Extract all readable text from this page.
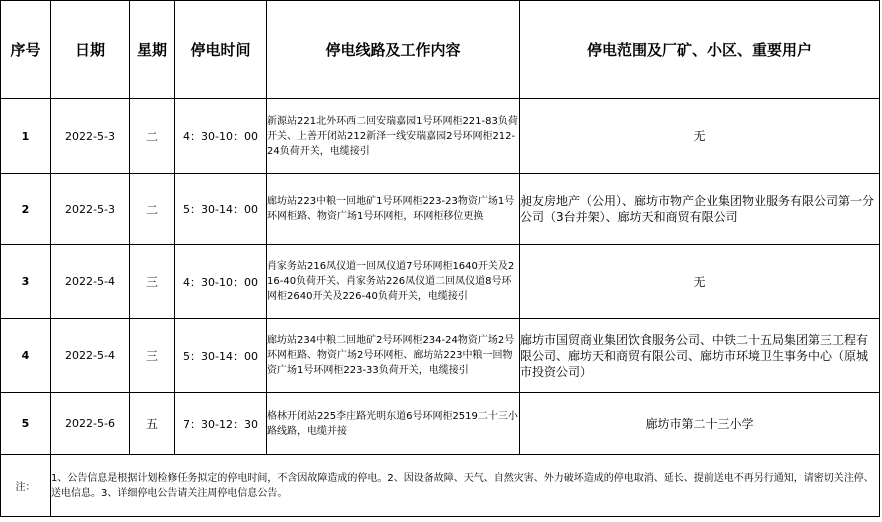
序号	日期	星期	停电时间	停电线路及工作内容	停电范围及厂矿、小区、重要用户
1	2022-5-3	二	4：30-10：00	新源站221北外环西二回安瑞嘉园1号环网柜221-83负荷开关、上善开闭站212新泽一线安瑞嘉园2号环网柜212-24负荷开关，电缆接引	无
2	2022-5-3	二	5：30-14：00	廊坊站223中粮一回地矿1号环网柜223-23物资广场1号环网柜路、物资广场1号环网柜，环网柜移位更换	昶友房地产（公用）、廊坊市物产企业集团物业服务有限公司第一分公司（3台并架）、廊坊天和商贸有限公司
3	2022-5-4	三	4：30-10：00	肖家务站216凤仪道一回凤仪道7号环网柜1640开关及216-40负荷开关、肖家务站226凤仪道二回凤仪道8号环网柜2640开关及226-40负荷开关，电缆接引	无
4	2022-5-4	三	5：30-14：00	廊坊站234中粮二回地矿2号环网柜234-24物资广场2号环网柜路、物资广场2号环网柜、廊坊站223中粮一回物资广场1号环网柜223-33负荷开关，电缆接引	廊坊市国贸商业集团饮食服务公司、中铁二十五局集团第三工程有限公司、廊坊天和商贸有限公司、廊坊市环境卫生事务中心（原城市投资公司）
5	2022-5-6	五	7：30-12：30	格林开闭站225李庄路光明东道6号环网柜2519二十三小路线路，电缆并接	廊坊市第二十三小学
注：	1、公告信息是根据计划检修任务拟定的停电时间，不含因故障造成的停电。2、因设备故障、天气、自然灾害、外力破坏造成的停电取消、延长、提前送电不再另行通知，请密切关注停、送电信息。3、详细停电公告请关注周停电信息公告。				
